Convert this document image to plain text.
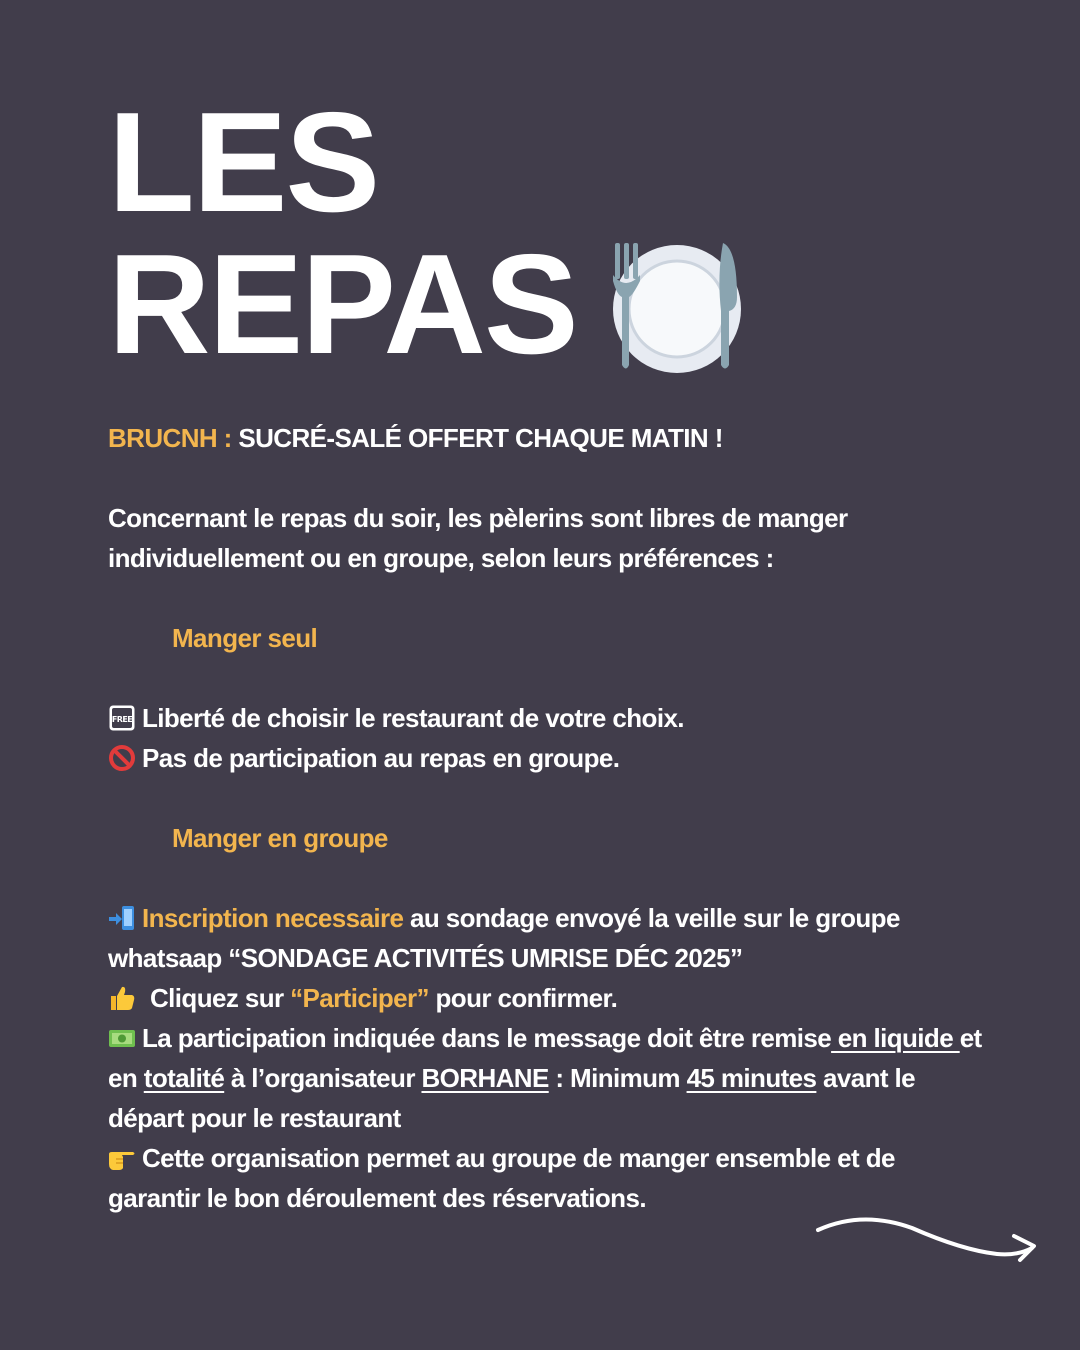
LES
REPAS

BRUCNH : SUCRÉ-SALÉ OFFERT CHAQUE MATIN !

Concernant le repas du soir, les pèlerins sont libres de manger individuellement ou en groupe, selon leurs préférences :

Manger seul

FREE Liberté de choisir le restaurant de votre choix.

Pas de participation au repas en groupe.

Manger en groupe

Inscription necessaire au sondage envoyé la veille sur le groupe whatsaap “SONDAGE ACTIVITÉS UMRISE DÉC 2025”

Cliquez sur “Participer” pour confirmer.

La participation indiquée dans le message doit être remise en liquide et en totalité à l’organisateur BORHANE : Minimum 45 minutes avant le départ pour le restaurant

Cette organisation permet au groupe de manger ensemble et de garantir le bon déroulement des réservations.
